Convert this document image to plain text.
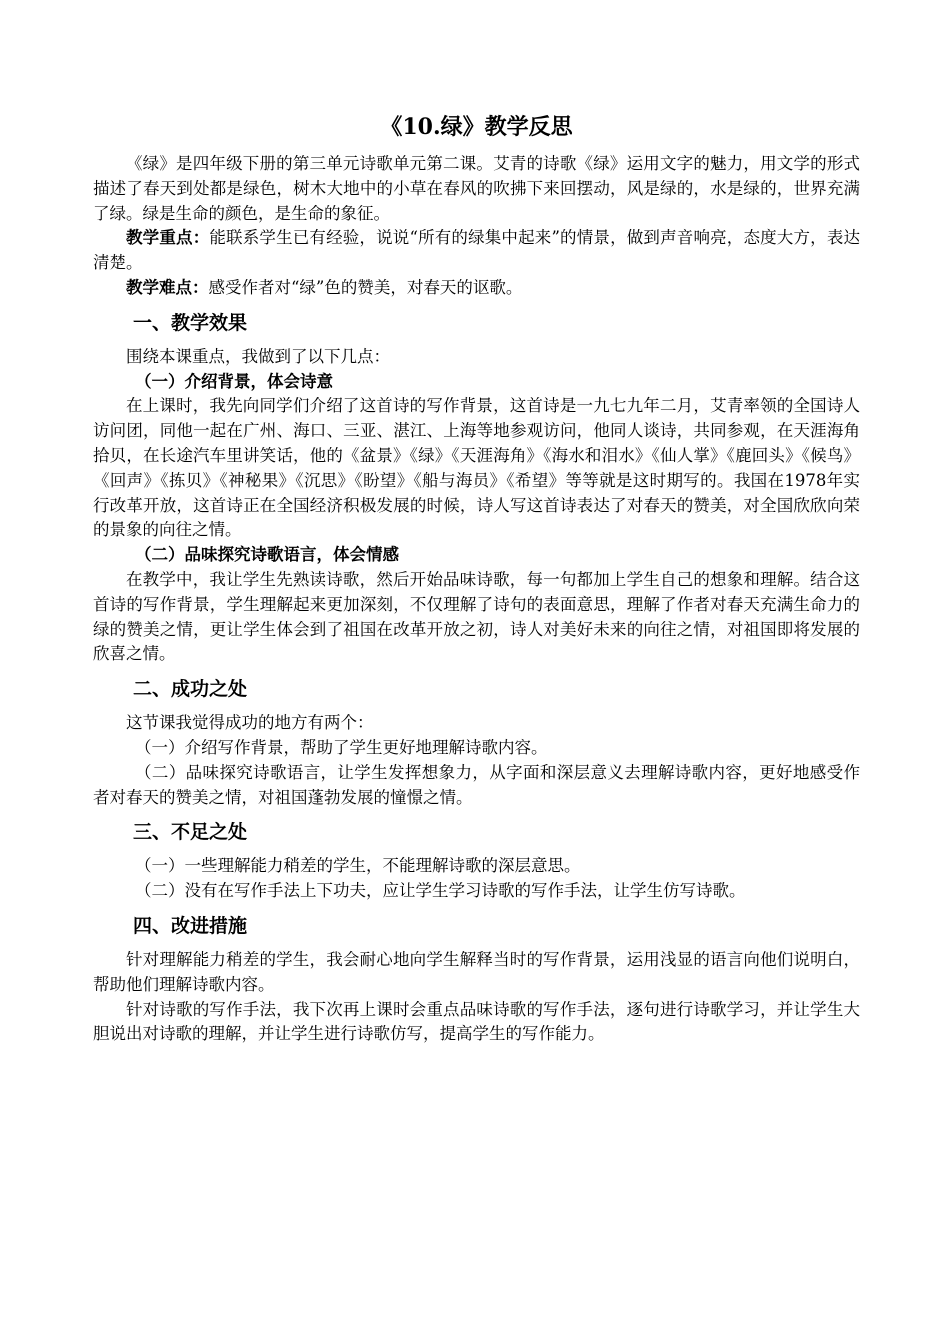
《10.绿》教学反思

《绿》是四年级下册的第三单元诗歌单元第二课。艾青的诗歌《绿》运用文字的魅力，用文学的形式描述了春天到处都是绿色，树木大地中的小草在春风的吹拂下来回摆动，风是绿的，水是绿的，世界充满了绿。绿是生命的颜色，是生命的象征。

教学重点：能联系学生已有经验，说说“所有的绿集中起来”的情景，做到声音响亮，态度大方，表达清楚。

教学难点：感受作者对“绿”色的赞美，对春天的讴歌。

一、教学效果

围绕本课重点，我做到了以下几点：

（一）介绍背景，体会诗意

在上课时，我先向同学们介绍了这首诗的写作背景，这首诗是一九七九年二月，艾青率领的全国诗人访问团，同他一起在广州、海口、三亚、湛江、上海等地参观访问，他同人谈诗，共同参观，在天涯海角拾贝，在长途汽车里讲笑话，他的《盆景》《绿》《天涯海角》《海水和泪水》《仙人掌》《鹿回头》《候鸟》《回声》《拣贝》《神秘果》《沉思》《盼望》《船与海员》《希望》等等就是这时期写的。我国在1978年实行改革开放，这首诗正在全国经济积极发展的时候，诗人写这首诗表达了对春天的赞美，对全国欣欣向荣的景象的向往之情。

（二）品味探究诗歌语言，体会情感

在教学中，我让学生先熟读诗歌，然后开始品味诗歌，每一句都加上学生自己的想象和理解。结合这首诗的写作背景，学生理解起来更加深刻，不仅理解了诗句的表面意思，理解了作者对春天充满生命力的绿的赞美之情，更让学生体会到了祖国在改革开放之初，诗人对美好未来的向往之情，对祖国即将发展的欣喜之情。

二、成功之处

这节课我觉得成功的地方有两个：

（一）介绍写作背景，帮助了学生更好地理解诗歌内容。

（二）品味探究诗歌语言，让学生发挥想象力，从字面和深层意义去理解诗歌内容，更好地感受作者对春天的赞美之情，对祖国蓬勃发展的憧憬之情。

三、不足之处

（一）一些理解能力稍差的学生，不能理解诗歌的深层意思。

（二）没有在写作手法上下功夫，应让学生学习诗歌的写作手法，让学生仿写诗歌。

四、改进措施

针对理解能力稍差的学生，我会耐心地向学生解释当时的写作背景，运用浅显的语言向他们说明白，帮助他们理解诗歌内容。

针对诗歌的写作手法，我下次再上课时会重点品味诗歌的写作手法，逐句进行诗歌学习，并让学生大胆说出对诗歌的理解，并让学生进行诗歌仿写，提高学生的写作能力。
